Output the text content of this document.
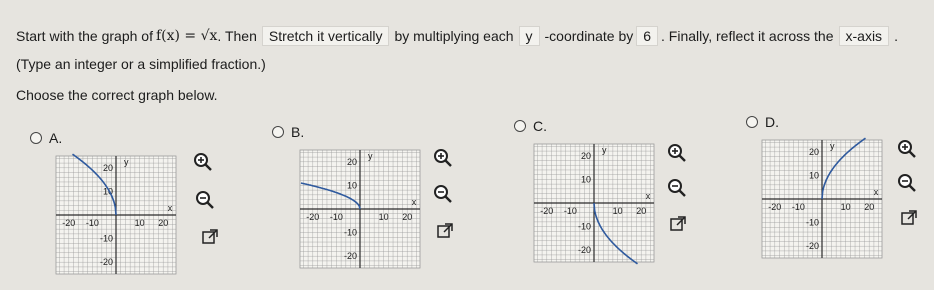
Start with the graph of f(x) = √x . Then Stretch it vertically by multiplying each y -coordinate by 6 . Finally, reflect it across the x-axis .
(Type an integer or a simplified fraction.)
Choose the correct graph below.
A.	B.	C.	D.
-20 -10	10 20
20
10
-10
-20
x
y
-20 -10	10 20
20
10
-10
-20
x
y
-20 -10	10 20
20
10
-10
-20
x
y
-20 -10	10 20
20
10
-10
-20
x
y
